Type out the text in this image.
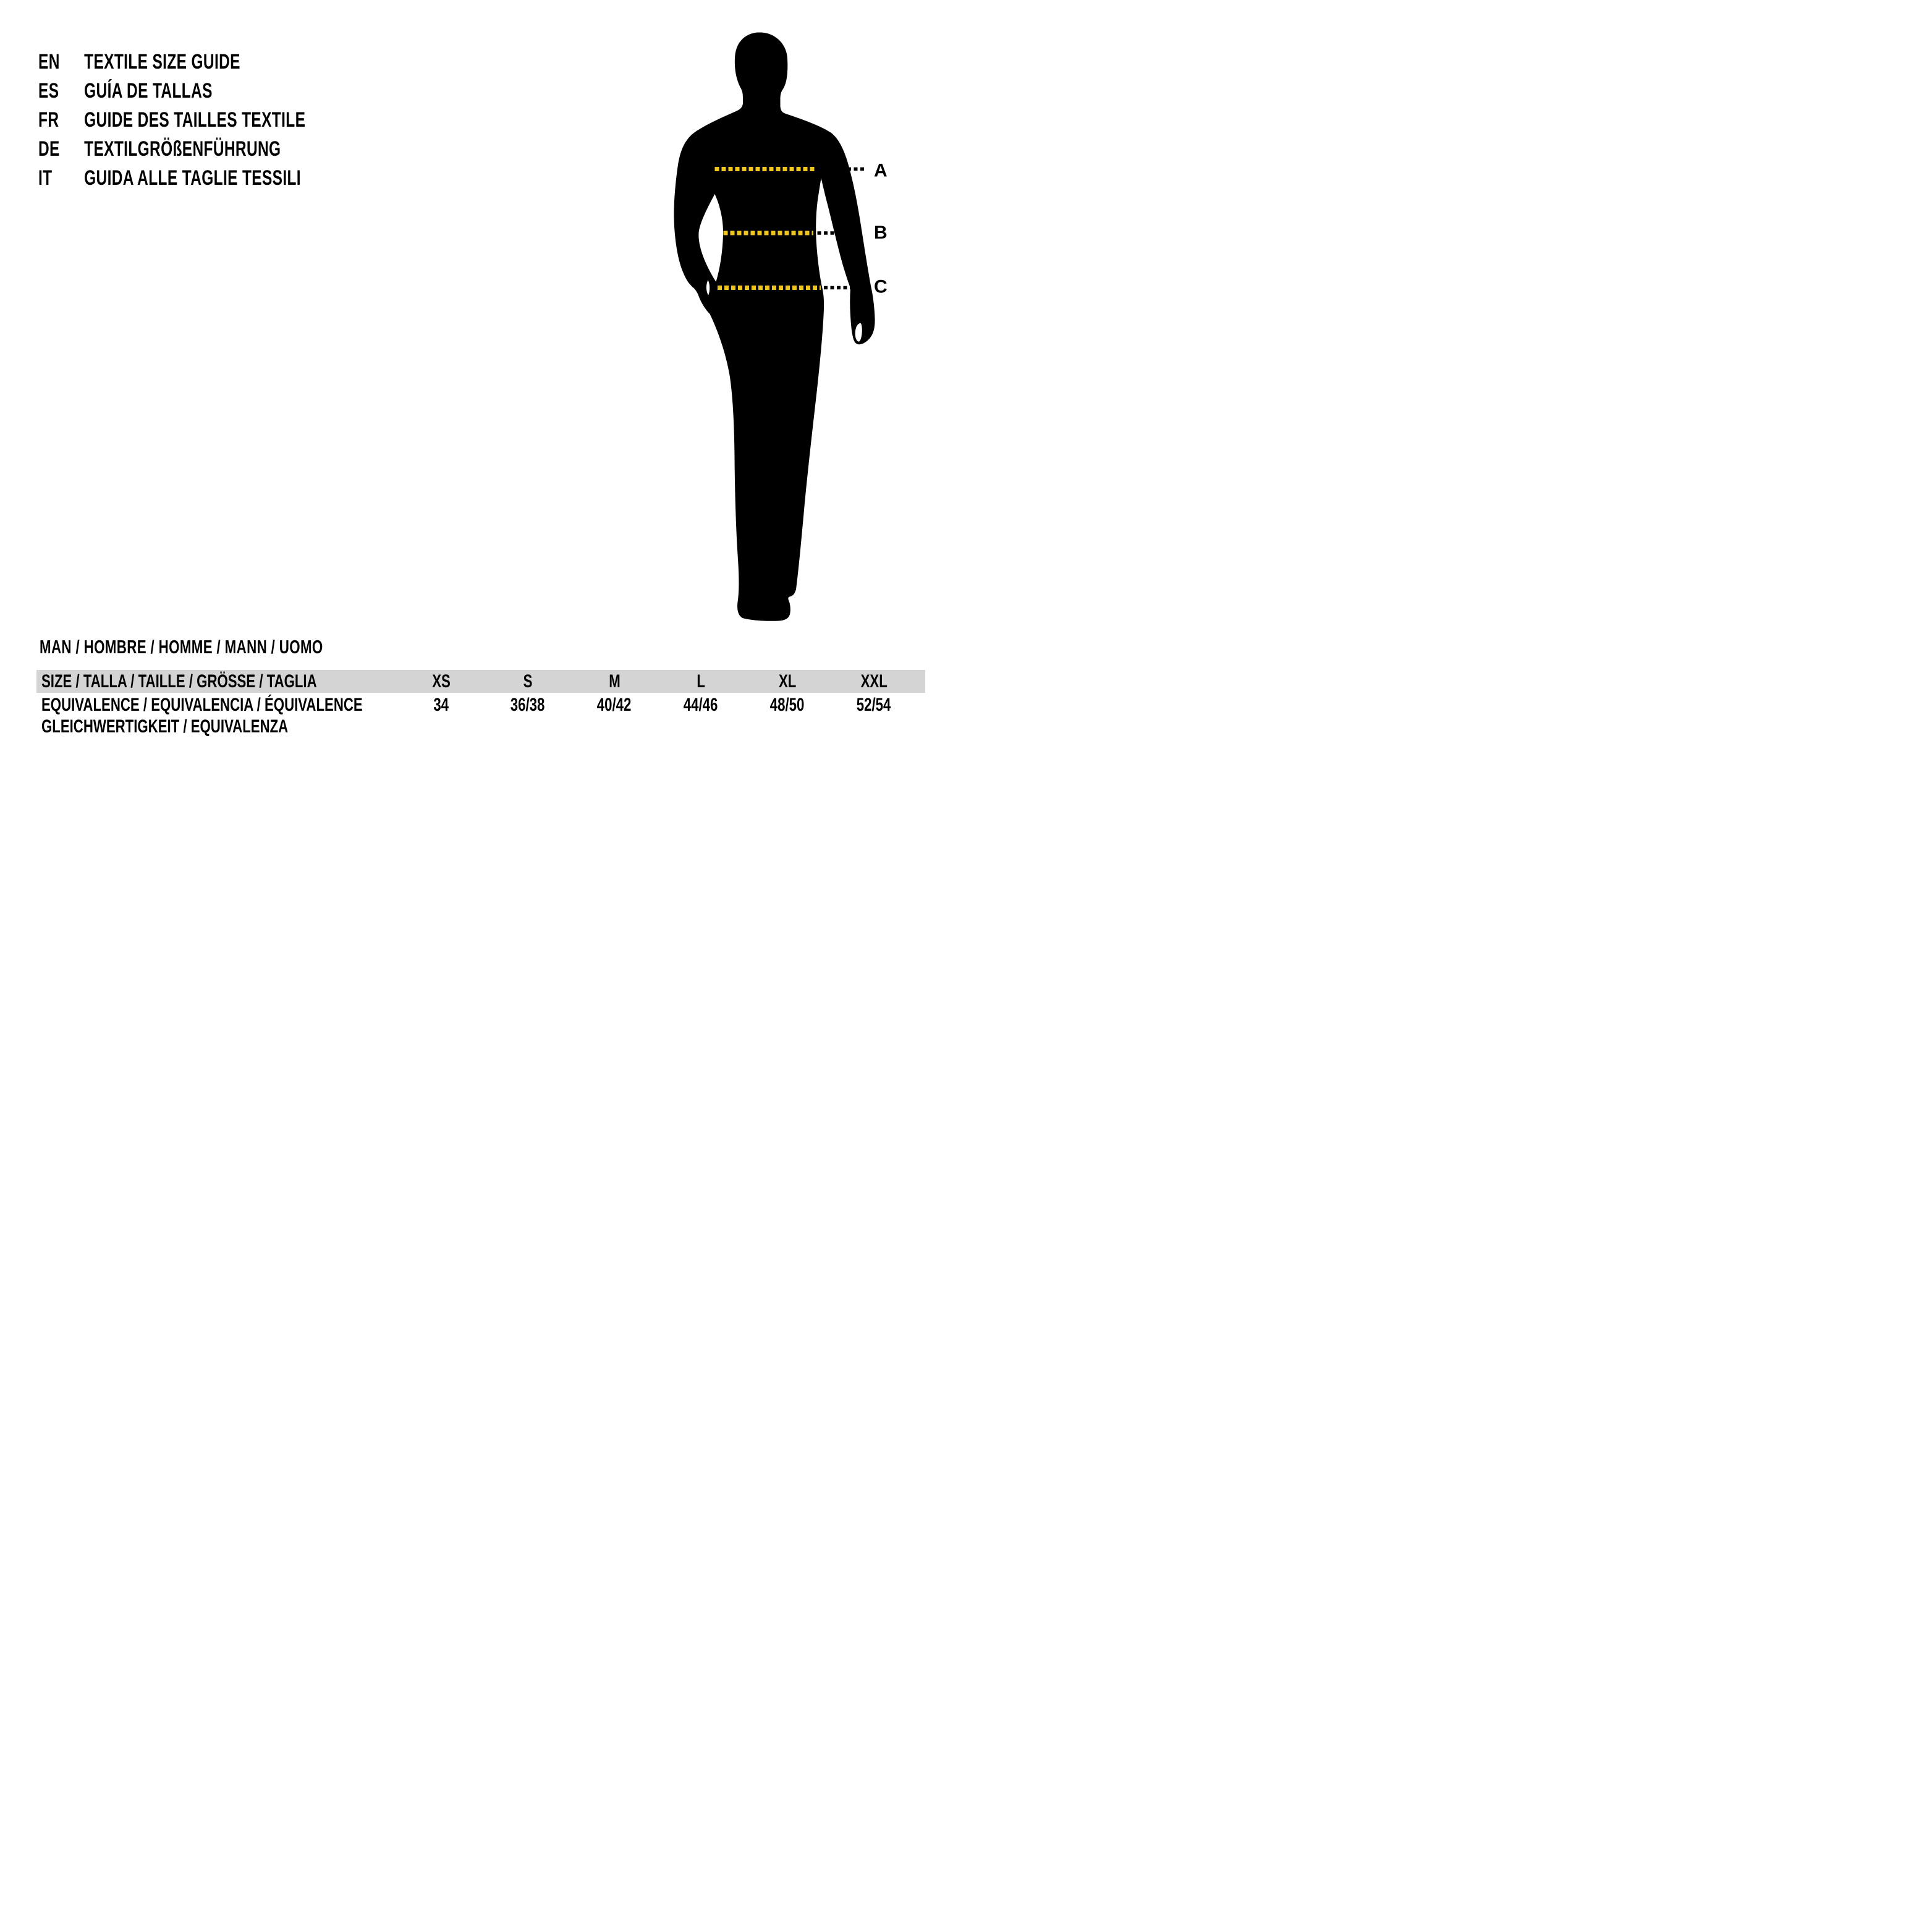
EN TEXTILE SIZE GUIDE
ES GUÍA DE TALLAS
FR GUIDE DES TAILLES TEXTILE
DE TEXTILGRÖßENFÜHRUNG
IT GUIDA ALLE TAGLIE TESSILI	A
B
C
MAN / HOMBRE / HOMME / MANN / UOMO
SIZE / TALLA / TAILLE / GRÖSSE / TAGLIA	XS	S	M	L	XL	XXL
EQUIVALENCE / EQUIVALENCIA / ÉQUIVALENCE	34	36/38	40/42	44/46	48/50	52/54
GLEICHWERTIGKEIT / EQUIVALENZA
